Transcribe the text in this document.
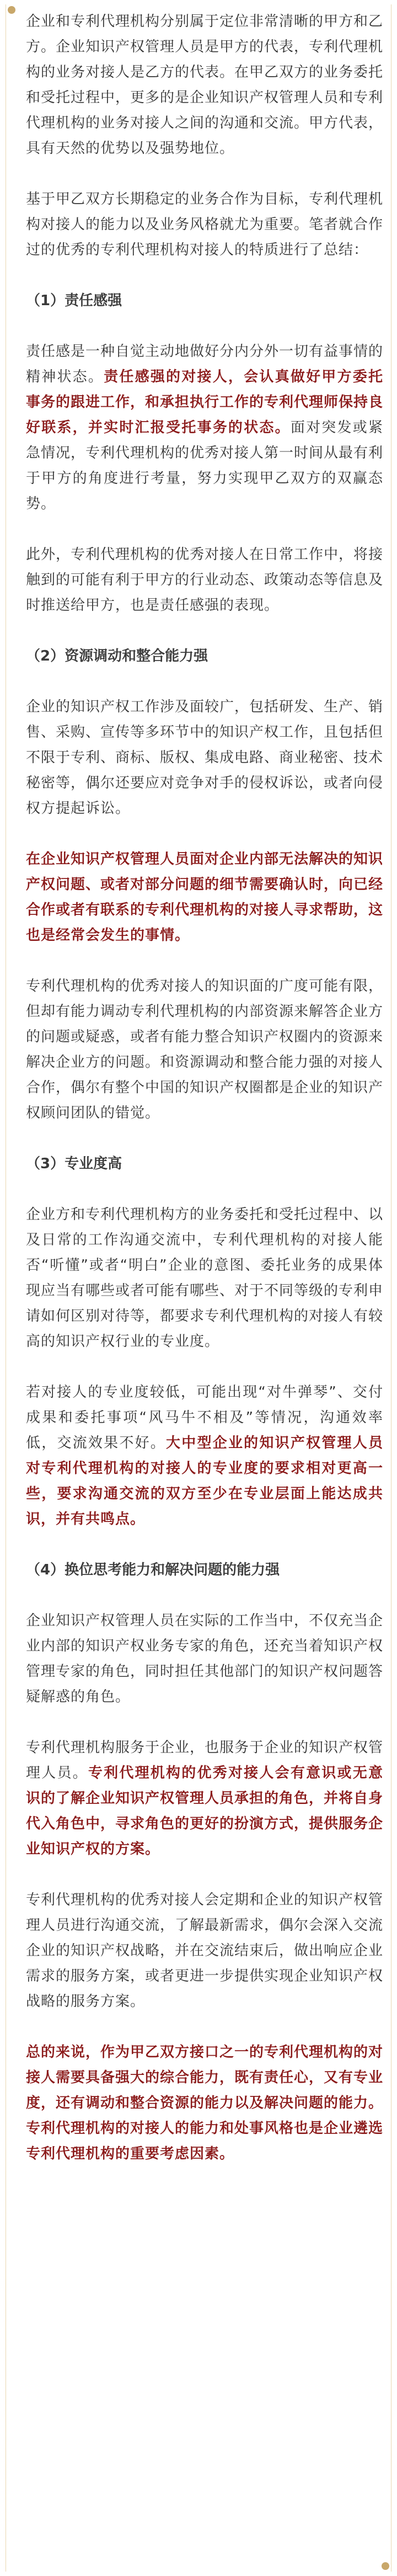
企业和专利代理机构分别属于定位非常清晰的甲方和乙方。企业知识产权管理人员是甲方的代表，专利代理机构的业务对接人是乙方的代表。在甲乙双方的业务委托和受托过程中，更多的是企业知识产权管理人员和专利代理机构的业务对接人之间的沟通和交流。甲方代表，具有天然的优势以及强势地位。

基于甲乙双方长期稳定的业务合作为目标，专利代理机构对接人的能力以及业务风格就尤为重要。笔者就合作过的优秀的专利代理机构对接人的特质进行了总结：

（1）责任感强

责任感是一种自觉主动地做好分内分外一切有益事情的精神状态。责任感强的对接人，会认真做好甲方委托事务的跟进工作，和承担执行工作的专利代理师保持良好联系，并实时汇报受托事务的状态。面对突发或紧急情况，专利代理机构的优秀对接人第一时间从最有利于甲方的角度进行考量，努力实现甲乙双方的双赢态势。

此外，专利代理机构的优秀对接人在日常工作中，将接触到的可能有利于甲方的行业动态、政策动态等信息及时推送给甲方，也是责任感强的表现。

（2）资源调动和整合能力强

企业的知识产权工作涉及面较广，包括研发、生产、销售、采购、宣传等多环节中的知识产权工作，且包括但不限于专利、商标、版权、集成电路、商业秘密、技术秘密等，偶尔还要应对竞争对手的侵权诉讼，或者向侵权方提起诉讼。

在企业知识产权管理人员面对企业内部无法解决的知识产权问题、或者对部分问题的细节需要确认时，向已经合作或者有联系的专利代理机构的对接人寻求帮助，这也是经常会发生的事情。

专利代理机构的优秀对接人的知识面的广度可能有限，但却有能力调动专利代理机构的内部资源来解答企业方的问题或疑惑，或者有能力整合知识产权圈内的资源来解决企业方的问题。和资源调动和整合能力强的对接人合作，偶尔有整个中国的知识产权圈都是企业的知识产权顾问团队的错觉。

（3）专业度高

企业方和专利代理机构方的业务委托和受托过程中、以及日常的工作沟通交流中，专利代理机构的对接人能否“听懂”或者“明白”企业的意图、委托业务的成果体现应当有哪些或者可能有哪些、对于不同等级的专利申请如何区别对待等，都要求专利代理机构的对接人有较高的知识产权行业的专业度。

若对接人的专业度较低，可能出现“对牛弹琴”、交付成果和委托事项“风马牛不相及”等情况，沟通效率低，交流效果不好。大中型企业的知识产权管理人员对专利代理机构的对接人的专业度的要求相对更高一些，要求沟通交流的双方至少在专业层面上能达成共识，并有共鸣点。

（4）换位思考能力和解决问题的能力强

企业知识产权管理人员在实际的工作当中，不仅充当企业内部的知识产权业务专家的角色，还充当着知识产权管理专家的角色，同时担任其他部门的知识产权问题答疑解惑的角色。

专利代理机构服务于企业，也服务于企业的知识产权管理人员。专利代理机构的优秀对接人会有意识或无意识的了解企业知识产权管理人员承担的角色，并将自身代入角色中，寻求角色的更好的扮演方式，提供服务企业知识产权的方案。

专利代理机构的优秀对接人会定期和企业的知识产权管理人员进行沟通交流，了解最新需求，偶尔会深入交流企业的知识产权战略，并在交流结束后，做出响应企业需求的服务方案，或者更进一步提供实现企业知识产权战略的服务方案。

总的来说，作为甲乙双方接口之一的专利代理机构的对接人需要具备强大的综合能力，既有责任心，又有专业度，还有调动和整合资源的能力以及解决问题的能力。专利代理机构的对接人的能力和处事风格也是企业遴选专利代理机构的重要考虑因素。
